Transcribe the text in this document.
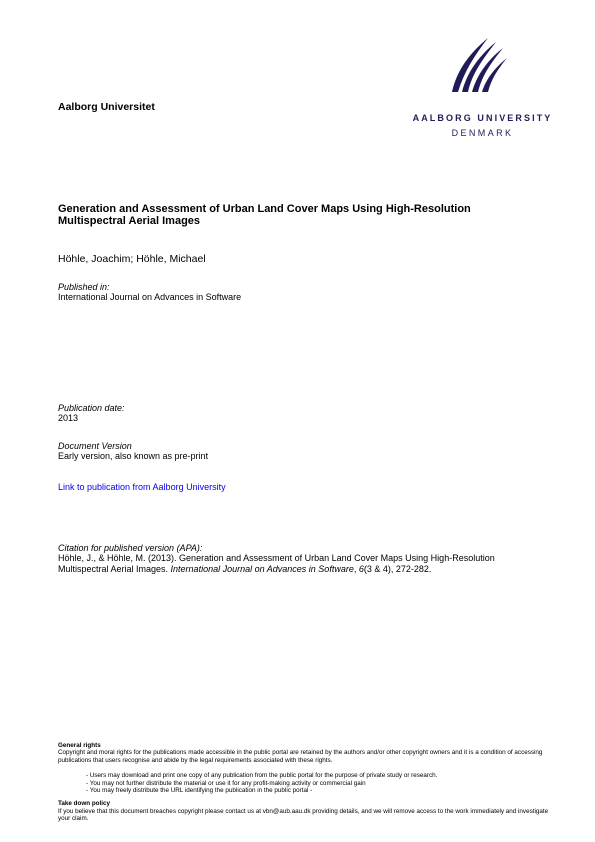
Aalborg Universitet
AALBORG UNIVERSITY
DENMARK
Generation and Assessment of Urban Land Cover Maps Using High-Resolution
Multispectral Aerial Images
Höhle, Joachim; Höhle, Michael
Published in:
International Journal on Advances in Software
Publication date:
2013
Document Version
Early version, also known as pre-print
Link to publication from Aalborg University
Citation for published version (APA):
Höhle, J., & Höhle, M. (2013). Generation and Assessment of Urban Land Cover Maps Using High-Resolution
Multispectral Aerial Images. International Journal on Advances in Software, 6(3 & 4), 272-282.
General rights
Copyright and moral rights for the publications made accessible in the public portal are retained by the authors and/or other copyright owners and it is a condition of accessing publications that users recognise and abide by the legal requirements associated with these rights.
- Users may download and print one copy of any publication from the public portal for the purpose of private study or research.
- You may not further distribute the material or use it for any profit-making activity or commercial gain
- You may freely distribute the URL identifying the publication in the public portal -
Take down policy
If you believe that this document breaches copyright please contact us at vbn@aub.aau.dk providing details, and we will remove access to the work immediately and investigate your claim.
